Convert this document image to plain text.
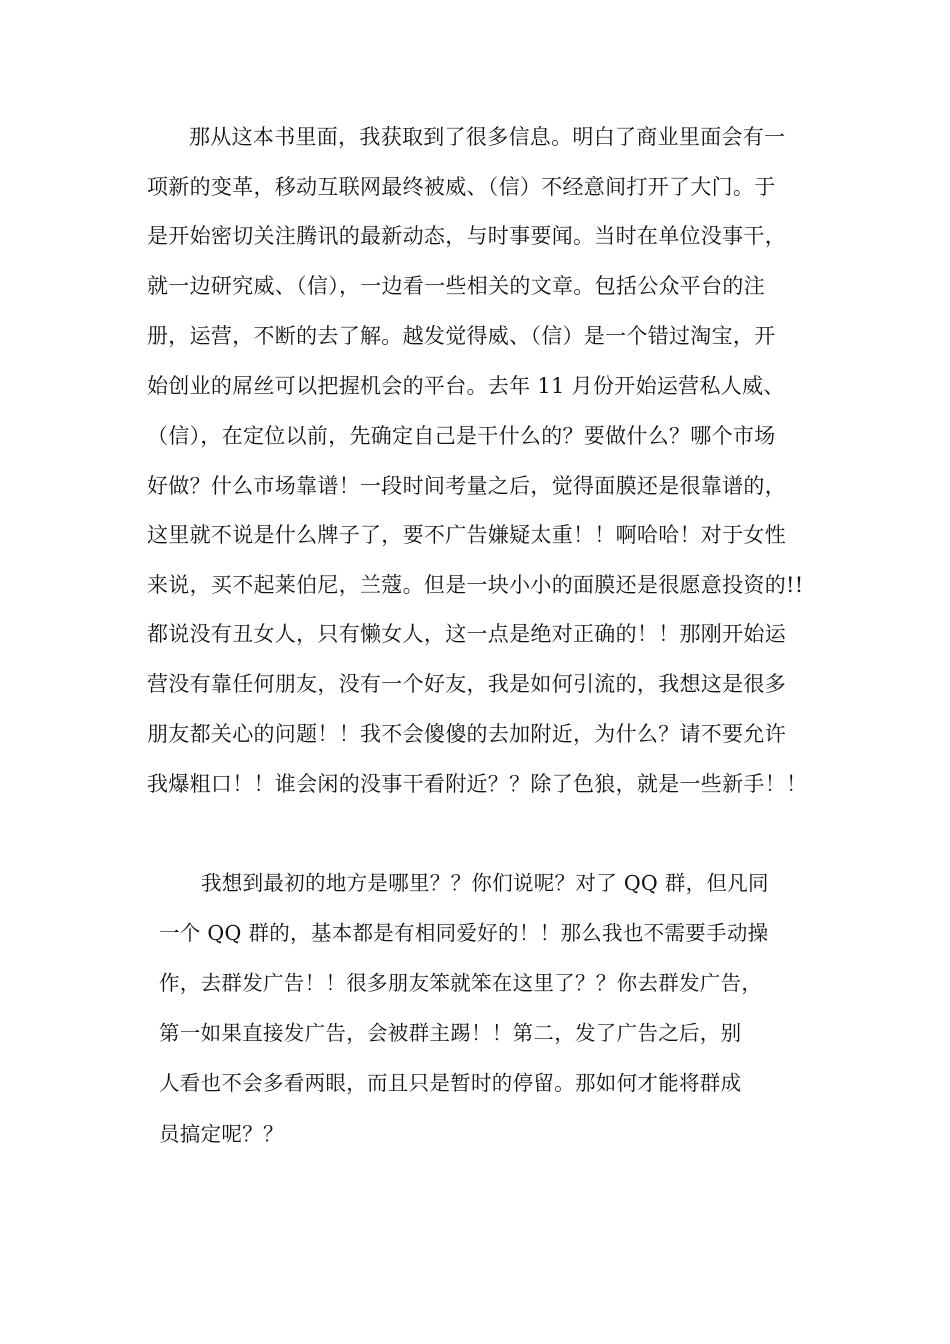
那从这本书里面，我获取到了很多信息。明白了商业里面会有一
项新的变革，移动互联网最终被威、（信）不经意间打开了大门。于
是开始密切关注腾讯的最新动态，与时事要闻。当时在单位没事干，
就一边研究威、（信），一边看一些相关的文章。包括公众平台的注
册，运营，不断的去了解。越发觉得威、（信）是一个错过淘宝，开
始创业的屌丝可以把握机会的平台。去年 11 月份开始运营私人威、
（信），在定位以前，先确定自己是干什么的？要做什么？哪个市场
好做？什么市场靠谱！一段时间考量之后，觉得面膜还是很靠谱的，
这里就不说是什么牌子了，要不广告嫌疑太重！！啊哈哈！对于女性
来说，买不起莱伯尼，兰蔻。但是一块小小的面膜还是很愿意投资的!!
都说没有丑女人，只有懒女人，这一点是绝对正确的！！那刚开始运
营没有靠任何朋友，没有一个好友，我是如何引流的，我想这是很多
朋友都关心的问题！！我不会傻傻的去加附近，为什么？请不要允许
我爆粗口！！谁会闲的没事干看附近？？除了色狼，就是一些新手！！
我想到最初的地方是哪里？？你们说呢？对了 QQ 群，但凡同
一个 QQ 群的，基本都是有相同爱好的！！那么我也不需要手动操
作，去群发广告！！很多朋友笨就笨在这里了？？你去群发广告，
第一如果直接发广告，会被群主踢！！第二，发了广告之后，别
人看也不会多看两眼，而且只是暂时的停留。那如何才能将群成
员搞定呢？？
